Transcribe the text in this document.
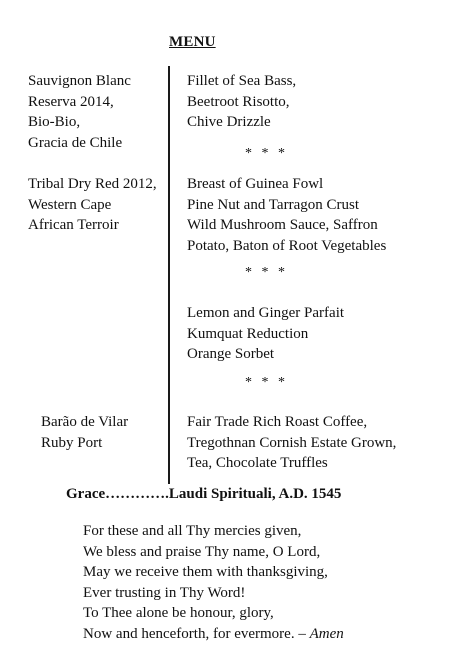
MENU
Sauvignon Blanc
Reserva 2014,
Bio-Bio,
Gracia de Chile
Fillet of Sea Bass,
Beetroot Risotto,
Chive Drizzle
* * *
Tribal Dry Red 2012,
Western Cape
African Terroir
Breast of Guinea Fowl
Pine Nut and Tarragon Crust
Wild Mushroom Sauce, Saffron
Potato, Baton of Root Vegetables
* * *
Lemon and Ginger Parfait
Kumquat Reduction
Orange Sorbet
* * *
Barão de Vilar
Ruby Port
Fair Trade Rich Roast Coffee,
Tregothnan Cornish Estate Grown,
Tea, Chocolate Truffles
Grace………….Laudi Spirituali, A.D. 1545
For these and all Thy mercies given,
We bless and praise Thy name, O Lord,
May we receive them with thanksgiving,
Ever trusting in Thy Word!
To Thee alone be honour, glory,
Now and henceforth, for evermore. – Amen
